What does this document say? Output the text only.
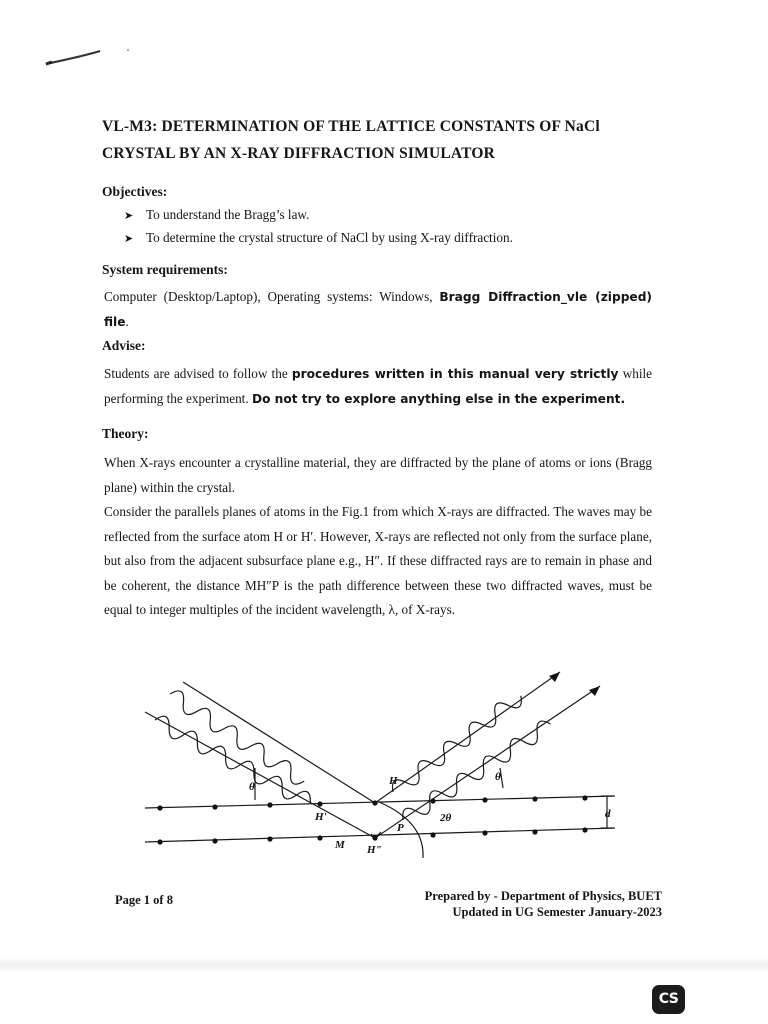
VL-M3: DETERMINATION OF THE LATTICE CONSTANTS OF NaCl
CRYSTAL BY AN X-RAY DIFFRACTION SIMULATOR
Objectives:
➤ To understand the Bragg’s law.
➤ To determine the crystal structure of NaCl by using X-ray diffraction.
System requirements:
Computer (Desktop/Laptop), Operating systems: Windows, Bragg Diffraction_vle (zipped) file.
Advise:
Students are advised to follow the procedures written in this manual very strictly while performing the experiment. Do not try to explore anything else in the experiment.
Theory:
When X-rays encounter a crystalline material, they are diffracted by the plane of atoms or ions (Bragg plane) within the crystal.
Consider the parallels planes of atoms in the Fig.1 from which X-rays are diffracted. The waves may be reflected from the surface atom H or H′. However, X-rays are reflected not only from the surface plane, but also from the adjacent subsurface plane e.g., H″. If these diffracted rays are to remain in phase and be coherent, the distance MH″P is the path difference between these two diffracted waves, must be equal to integer multiples of the incident wavelength, λ, of X-rays.
H
H'
H"
M
P
θ
θ
2θ	d
Page 1 of 8	Prepared by - Department of Physics, BUET
Updated in UG Semester January-2023
CS
